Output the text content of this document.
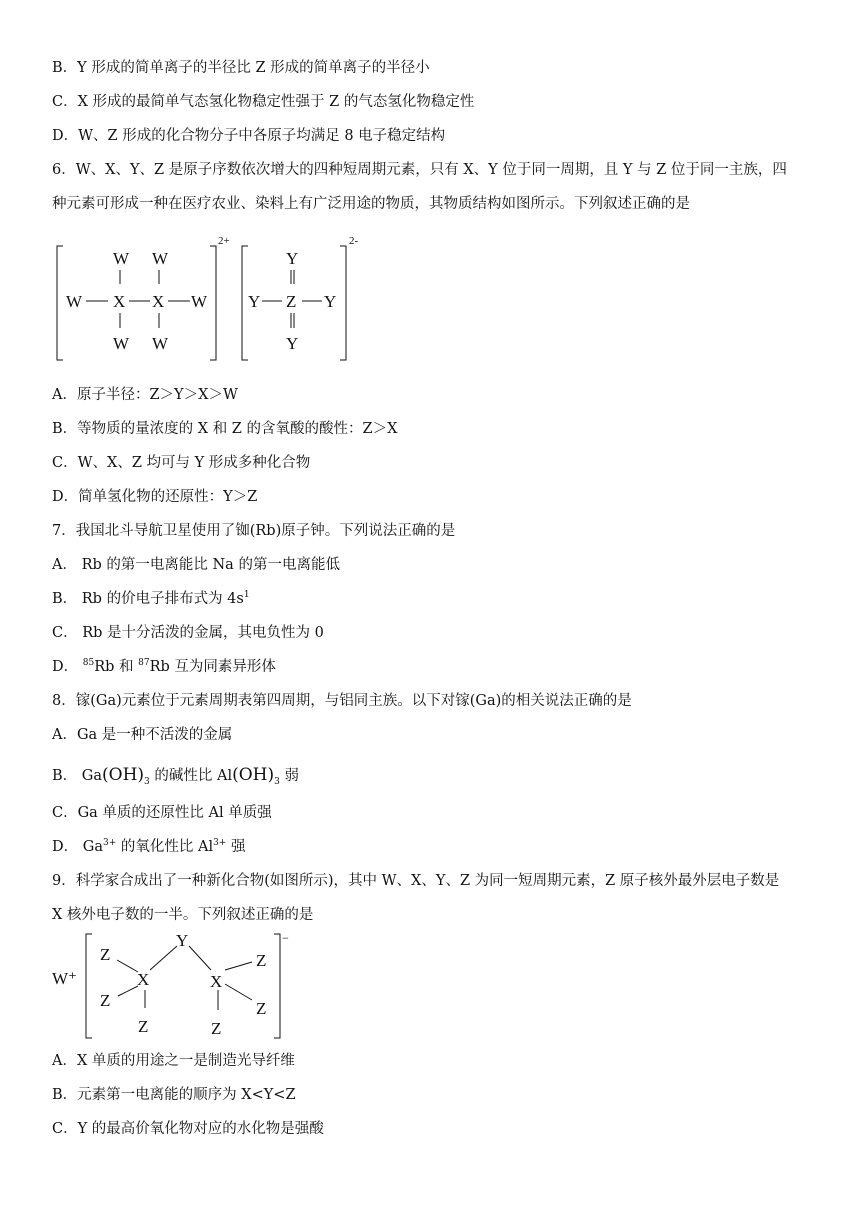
B．Y 形成的简单离子的半径比 Z 形成的简单离子的半径小
C．X 形成的最简单气态氢化物稳定性强于 Z 的气态氢化物稳定性
D．W、Z 形成的化合物分子中各原子均满足 8 电子稳定结构
6．W、X、Y、Z 是原子序数依次增大的四种短周期元素，只有 X、Y 位于同一周期，且 Y 与 Z 位于同一主族，四
种元素可形成一种在医疗农业、染料上有广泛用途的物质，其物质结构如图所示。下列叙述正确的是
W W
W X X W
W W
Y
Y Z Y
Y
2+	2-
A．原子半径：Z＞Y＞X＞W
B．等物质的量浓度的 X 和 Z 的含氧酸的酸性：Z＞X
C．W、X、Z 均可与 Y 形成多种化合物
D．简单氢化物的还原性：Y＞Z
7．我国北斗导航卫星使用了铷(Rb)原子钟。下列说法正确的是
A． Rb 的第一电离能比 Na 的第一电离能低
B． Rb 的价电子排布式为 $4s^1$
C． Rb 是十分活泼的金属，其电负性为 0
D． $^{85}$Rb 和 $^{87}$Rb 互为同素异形体
8．镓(Ga)元素位于元素周期表第四周期，与铝同主族。以下对镓(Ga)的相关说法正确的是
A．Ga 是一种不活泼的金属
B． $Ga(OH)_3$ 的碱性比 $Al(OH)_3$ 弱
C．Ga 单质的还原性比 Al 单质强
D． $Ga^{3+}$ 的氧化性比 $Al^{3+}$ 强
9．科学家合成出了一种新化合物(如图所示)，其中 W、X、Y、Z 为同一短周期元素，Z 原子核外最外层电子数是
X 核外电子数的一半。下列叙述正确的是
W⁺
Z
X
Z
Z
Y
X
Z
Z
Z
−
A．X 单质的用途之一是制造光导纤维
B．元素第一电离能的顺序为 X<Y<Z
C．Y 的最高价氧化物对应的水化物是强酸
